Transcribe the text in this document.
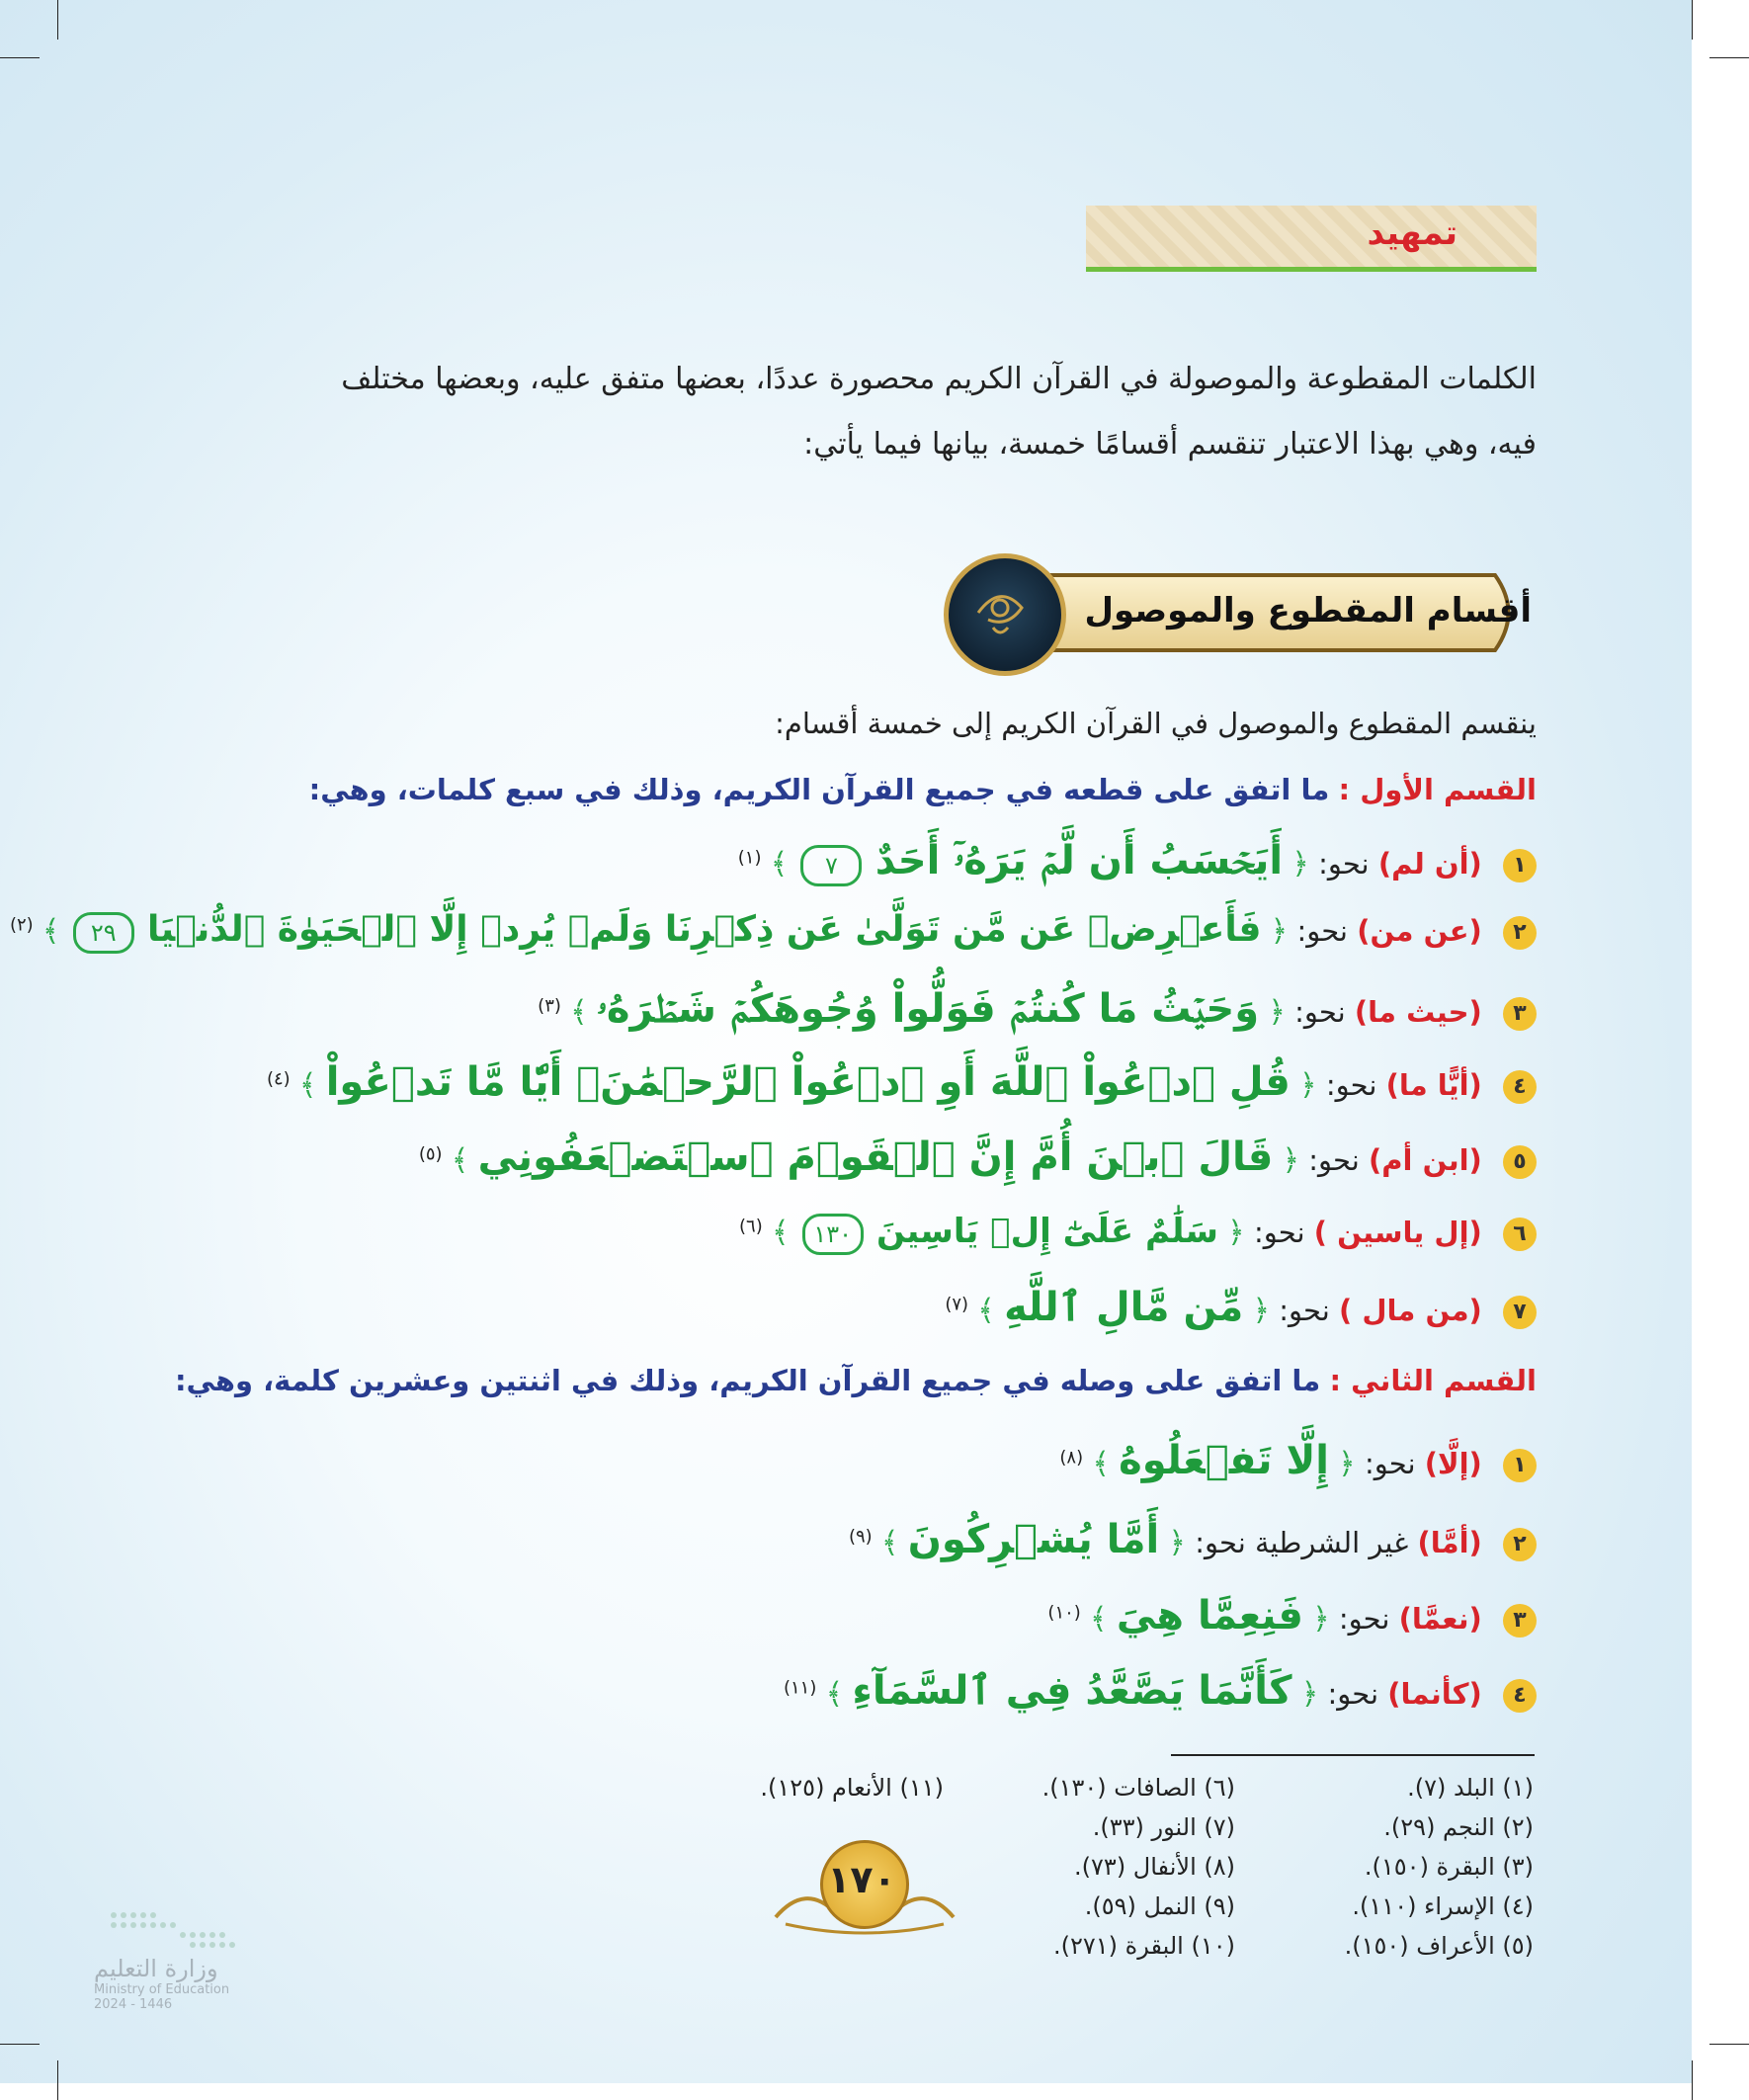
تمهيد
الكلمات المقطوعة والموصولة في القرآن الكريم محصورة عددًا، بعضها متفق عليه، وبعضها مختلف
فيه، وهي بهذا الاعتبار تنقسم أقسامًا خمسة، بيانها فيما يأتي:
أقسام المقطوع والموصول
ينقسم المقطوع والموصول في القرآن الكريم إلى خمسة أقسام:
القسم الأول : ما اتفق على قطعه في جميع القرآن الكريم، وذلك في سبع كلمات، وهي:
١ (أن لم) نحو: ﴿ أَيَحۡسَبُ أَن لَّمۡ يَرَهُۥٓ أَحَدٌ ٧ ﴾ $^{(١)}$
٢ (عن من) نحو: ﴿ فَأَعۡرِضۡ عَن مَّن تَوَلَّىٰ عَن ذِكۡرِنَا وَلَمۡ يُرِدۡ إِلَّا ٱلۡحَيَوٰةَ ٱلدُّنۡيَا ٢٩ ﴾ $^{(٢)}$
٣ (حيث ما) نحو: ﴿ وَحَيۡثُ مَا كُنتُمۡ فَوَلُّواْ وُجُوهَكُمۡ شَطۡرَهُۥ ﴾ $^{(٣)}$
٤ (أيًّا ما) نحو: ﴿ قُلِ ٱدۡعُواْ ٱللَّهَ أَوِ ٱدۡعُواْ ٱلرَّحۡمَٰنَۖ أَيّٗا مَّا تَدۡعُواْ ﴾ $^{(٤)}$
٥ (ابن أم) نحو: ﴿ قَالَ ٱبۡنَ أُمَّ إِنَّ ٱلۡقَوۡمَ ٱسۡتَضۡعَفُونِي ﴾ $^{(٥)}$
٦ (إل ياسين ) نحو: ﴿ سَلَٰمٌ عَلَىٰٓ إِلۡ يَاسِينَ ١٣٠ ﴾ $^{(٦)}$
٧ (من مال ) نحو: ﴿ مِّن مَّالِ ٱللَّهِ ﴾ $^{(٧)}$
القسم الثاني : ما اتفق على وصله في جميع القرآن الكريم، وذلك في اثنتين وعشرين كلمة، وهي:
١ (إلَّا) نحو: ﴿ إِلَّا تَفۡعَلُوهُ ﴾ $^{(٨)}$
٢ (أمَّا) غير الشرطية نحو: ﴿ أَمَّا يُشۡرِكُونَ ﴾ $^{(٩)}$
٣ (نعمَّا) نحو: ﴿ فَنِعِمَّا هِيَ ﴾ $^{(١٠)}$
٤ (كأنما) نحو: ﴿ كَأَنَّمَا يَصَّعَّدُ فِي ٱلسَّمَآءِ ﴾ $^{(١١)}$
(١) البلد (٧).
(٢) النجم (٢٩).
(٣) البقرة (١٥٠).
(٤) الإسراء (١١٠).
(٥) الأعراف (١٥٠).
(٦) الصافات (١٣٠).
(٧) النور (٣٣).
(٨) الأنفال (٧٣).
(٩) النمل (٥٩).
(١٠) البقرة (٢٧١).
(١١) الأنعام (١٢٥).
١٧٠
وزارة التعليم
Ministry of Education
2024 - 1446
